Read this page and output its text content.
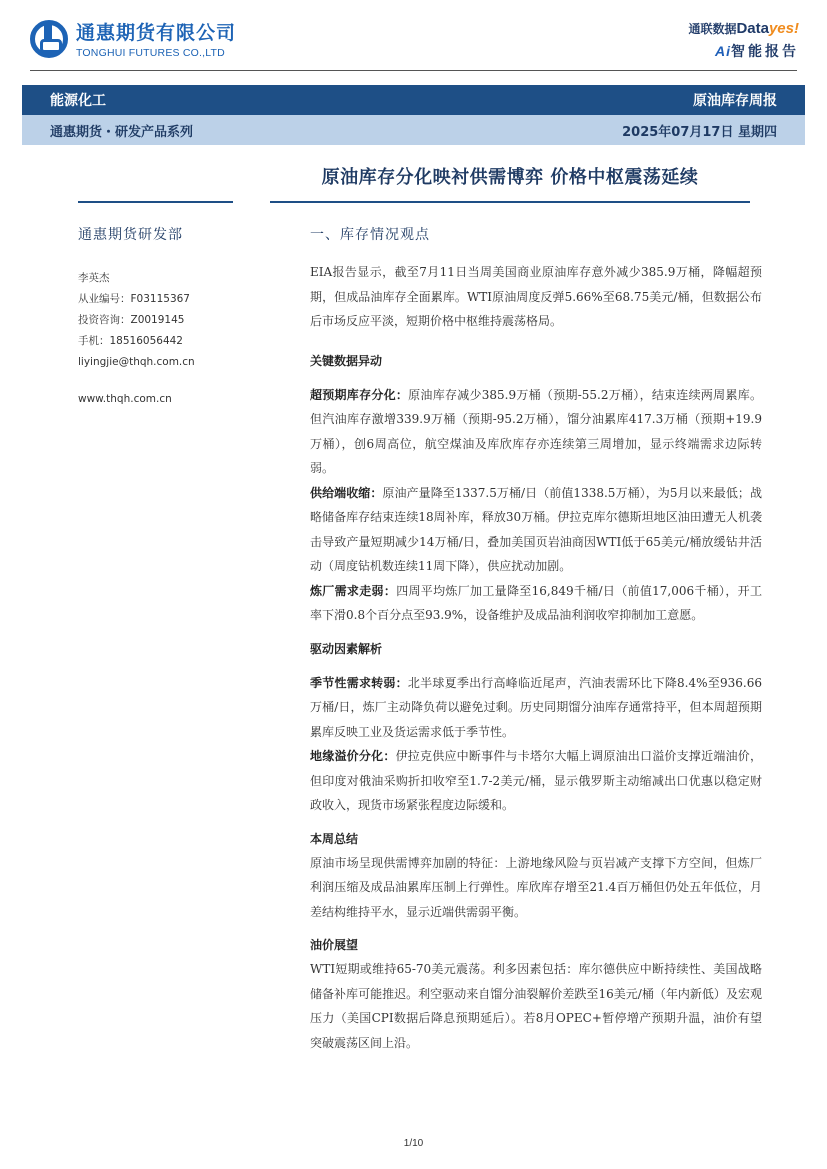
通惠期货有限公司
TONGHUI FUTURES CO.,LTD
通联数据Datayes!
Ai智能报告
能源化工	原油库存周报
通惠期货・研发产品系列	2025年07月17日 星期四
原油库存分化映衬供需博弈 价格中枢震荡延续
通惠期货研发部
李英杰
从业编号：F03115367
投资咨询：Z0019145
手机：18516056442
liyingjie@thqh.com.cn
www.thqh.com.cn
一、库存情况观点

EIA报告显示，截至7月11日当周美国商业原油库存意外减少385.9万桶，降幅超预期，但成品油库存全面累库。WTI原油周度反弹5.66%至68.75美元/桶，但数据公布后市场反应平淡，短期价格中枢维持震荡格局。

关键数据异动

超预期库存分化：原油库存减少385.9万桶（预期-55.2万桶），结束连续两周累库。但汽油库存激增339.9万桶（预期-95.2万桶），馏分油累库417.3万桶（预期+19.9万桶），创6周高位，航空煤油及库欣库存亦连续第三周增加，显示终端需求边际转弱。

供给端收缩：原油产量降至1337.5万桶/日（前值1338.5万桶），为5月以来最低；战略储备库存结束连续18周补库，释放30万桶。伊拉克库尔德斯坦地区油田遭无人机袭击导致产量短期减少14万桶/日，叠加美国页岩油商因WTI低于65美元/桶放缓钻井活动（周度钻机数连续11周下降），供应扰动加剧。

炼厂需求走弱：四周平均炼厂加工量降至16,849千桶/日（前值17,006千桶），开工率下滑0.8个百分点至93.9%，设备维护及成品油利润收窄抑制加工意愿。

驱动因素解析

季节性需求转弱：北半球夏季出行高峰临近尾声，汽油表需环比下降8.4%至936.66万桶/日，炼厂主动降负荷以避免过剩。历史同期馏分油库存通常持平，但本周超预期累库反映工业及货运需求低于季节性。

地缘溢价分化：伊拉克供应中断事件与卡塔尔大幅上调原油出口溢价支撑近端油价，但印度对俄油采购折扣收窄至1.7-2美元/桶，显示俄罗斯主动缩减出口优惠以稳定财政收入，现货市场紧张程度边际缓和。

本周总结

原油市场呈现供需博弈加剧的特征：上游地缘风险与页岩减产支撑下方空间，但炼厂利润压缩及成品油累库压制上行弹性。库欣库存增至21.4百万桶但仍处五年低位，月差结构维持平水，显示近端供需弱平衡。

油价展望

WTI短期或维持65-70美元震荡。利多因素包括：库尔德供应中断持续性、美国战略储备补库可能推迟。利空驱动来自馏分油裂解价差跌至16美元/桶（年内新低）及宏观压力（美国CPI数据后降息预期延后）。若8月OPEC+暂停增产预期升温，油价有望突破震荡区间上沿。

1/10
